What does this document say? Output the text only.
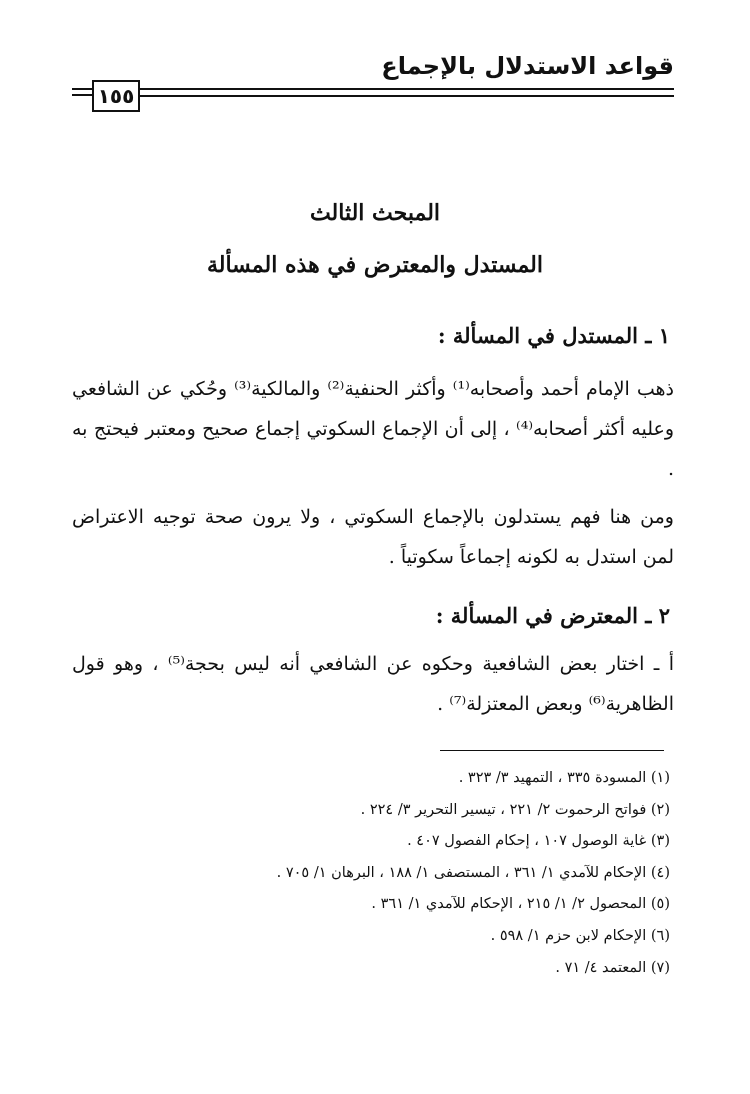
قواعد الاستدلال بالإجماع
١٥٥
المبحث الثالث
المستدل والمعترض في هذه المسألة
١ ـ المستدل في المسألة :
ذهب الإمام أحمد وأصحابه⁽¹⁾ وأكثر الحنفية⁽²⁾ والمالكية⁽³⁾ وحُكي عن الشافعي وعليه أكثر أصحابه⁽⁴⁾ ، إلى أن الإجماع السكوتي إجماع صحيح ومعتبر فيحتج به .
ومن هنا فهم يستدلون بالإجماع السكوتي ، ولا يرون صحة توجيه الاعتراض لمن استدل به لكونه إجماعاً سكوتياً .
٢ ـ المعترض في المسألة :
أ ـ اختار بعض الشافعية وحكوه عن الشافعي أنه ليس بحجة⁽⁵⁾ ، وهو قول الظاهرية⁽⁶⁾ وبعض المعتزلة⁽⁷⁾ .
(١) المسودة ٣٣٥ ، التمهيد ٣/ ٣٢٣ .
(٢) فواتح الرحموت ٢/ ٢٢١ ، تيسير التحرير ٣/ ٢٢٤ .
(٣) غاية الوصول ١٠٧ ، إحكام الفصول ٤٠٧ .
(٤) الإحكام للآمدي ١/ ٣٦١ ، المستصفى ١/ ١٨٨ ، البرهان ١/ ٧٠٥ .
(٥) المحصول ٢/ ١/ ٢١٥ ، الإحكام للآمدي ١/ ٣٦١ .
(٦) الإحكام لابن حزم ١/ ٥٩٨ .
(٧) المعتمد ٤/ ٧١ .
